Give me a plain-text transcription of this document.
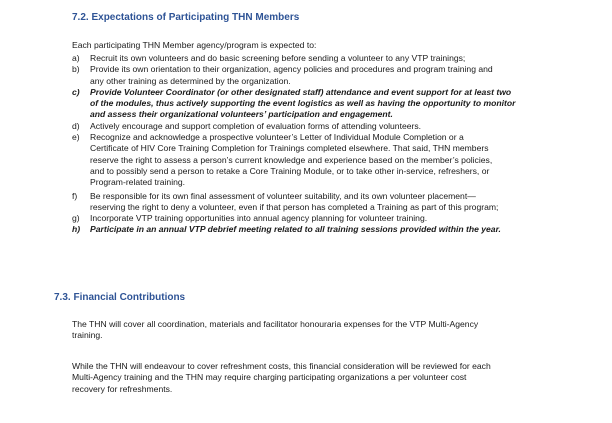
7.2. Expectations of Participating THN Members

Each participating THN Member agency/program is expected to:

a) Recruit its own volunteers and do basic screening before sending a volunteer to any VTP trainings;
b) Provide its own orientation to their organization, agency policies and procedures and program training and
any other training as determined by the organization.
c) Provide Volunteer Coordinator (or other designated staff) attendance and event support for at least two
of the modules, thus actively supporting the event logistics as well as having the opportunity to monitor
and assess their organizational volunteers’ participation and engagement.
d) Actively encourage and support completion of evaluation forms of attending volunteers.
e) Recognize and acknowledge a prospective volunteer’s Letter of Individual Module Completion or a
Certificate of HIV Core Training Completion for Trainings completed elsewhere. That said, THN members
reserve the right to assess a person’s current knowledge and experience based on the member’s policies,
and to possibly send a person to retake a Core Training Module, or to take other in-service, refreshers, or
Program-related training.
f) Be responsible for its own final assessment of volunteer suitability, and its own volunteer placement—
reserving the right to deny a volunteer, even if that person has completed a Training as part of this program;
g) Incorporate VTP training opportunities into annual agency planning for volunteer training.
h) Participate in an annual VTP debrief meeting related to all training sessions provided within the year.
7.3. Financial Contributions
The THN will cover all coordination, materials and facilitator honouraria expenses for the VTP Multi-Agency
training.
While the THN will endeavour to cover refreshment costs, this financial consideration will be reviewed for each
Multi-Agency training and the THN may require charging participating organizations a per volunteer cost
recovery for refreshments.
